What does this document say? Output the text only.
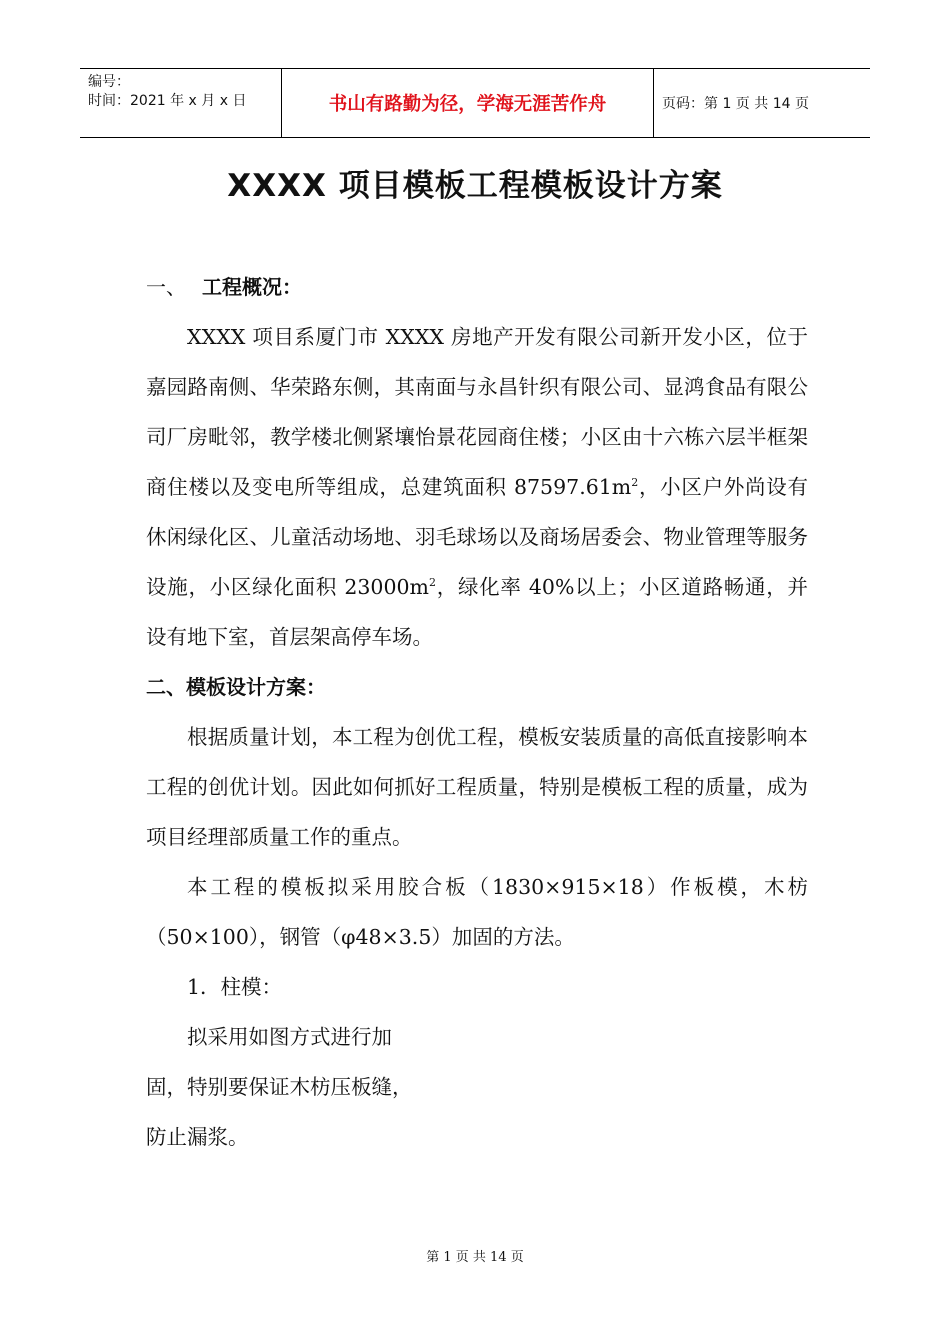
编号：
时间：2021 年 x 月 x 日	书山有路勤为径，学海无涯苦作舟	页码：第 1 页 共 14 页
XXXX 项目模板工程模板设计方案
一、 工程概况：
XXXX 项目系厦门市 XXXX 房地产开发有限公司新开发小区，位于嘉园路南侧、华荣路东侧，其南面与永昌针织有限公司、显鸿食品有限公司厂房毗邻，教学楼北侧紧壤怡景花园商住楼；小区由十六栋六层半框架商住楼以及变电所等组成，总建筑面积 $87597.61m^2$，小区户外尚设有休闲绿化区、儿童活动场地、羽毛球场以及商场居委会、物业管理等服务设施，小区绿化面积 $23000m^2$，绿化率 40%以上；小区道路畅通，并设有地下室，首层架高停车场。
二、模板设计方案：
根据质量计划，本工程为创优工程，模板安装质量的高低直接影响本工程的创优计划。因此如何抓好工程质量，特别是模板工程的质量，成为项目经理部质量工作的重点。
本工程的模板拟采用胶合板（1830×915×18）作板模，木枋（50×100），钢管（φ48×3.5）加固的方法。
1．柱模：
拟采用如图方式进行加
固，特别要保证木枋压板缝，
防止漏浆。
第 1 页 共 14 页
